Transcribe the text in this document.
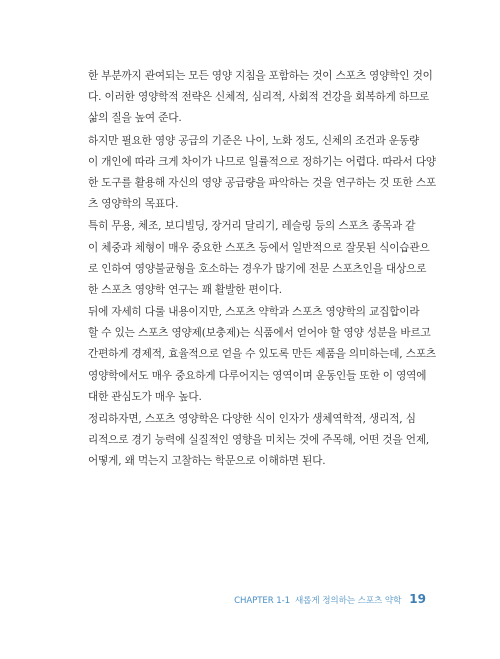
한 부분까지 관여되는 모든 영양 지침을 포함하는 것이 스포츠 영양학인 것이
다. 이러한 영양학적 전략은 신체적, 심리적, 사회적 건강을 회복하게 하므로
삶의 질을 높여 준다.
하지만 필요한 영양 공급의 기준은 나이, 노화 정도, 신체의 조건과 운동량
이 개인에 따라 크게 차이가 나므로 일률적으로 정하기는 어렵다. 따라서 다양
한 도구를 활용해 자신의 영양 공급량을 파악하는 것을 연구하는 것 또한 스포
츠 영양학의 목표다.
특히 무용, 체조, 보디빌딩, 장거리 달리기, 레슬링 등의 스포츠 종목과 같
이 체중과 체형이 매우 중요한 스포츠 등에서 일반적으로 잘못된 식이습관으
로 인하여 영양불균형을 호소하는 경우가 많기에 전문 스포츠인을 대상으로
한 스포츠 영양학 연구는 꽤 활발한 편이다.
뒤에 자세히 다룰 내용이지만, 스포츠 약학과 스포츠 영양학의 교집합이라
할 수 있는 스포츠 영양제(보충제)는 식품에서 얻어야 할 영양 성분을 바르고
간편하게 경제적, 효율적으로 얻을 수 있도록 만든 제품을 의미하는데, 스포츠
영양학에서도 매우 중요하게 다루어지는 영역이며 운동인들 또한 이 영역에
대한 관심도가 매우 높다.
정리하자면, 스포츠 영양학은 다양한 식이 인자가 생체역학적, 생리적, 심
리적으로 경기 능력에 실질적인 영향을 미치는 것에 주목해, 어떤 것을 언제,
어떻게, 왜 먹는지 고찰하는 학문으로 이해하면 된다.
CHAPTER 1-1 새롭게 정의하는 스포츠 약학 19
